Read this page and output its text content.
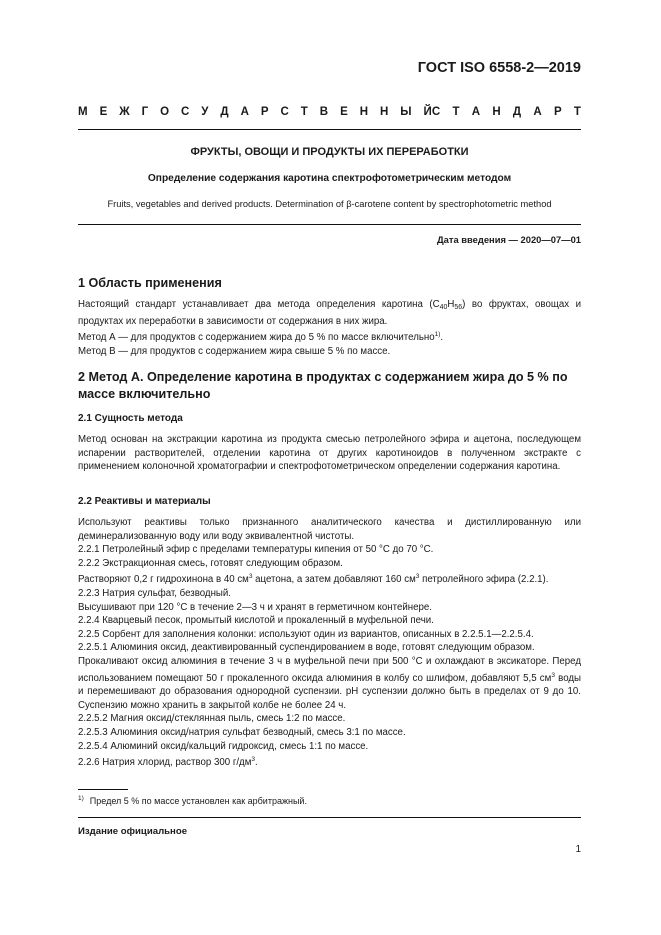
ГОСТ ISO 6558-2—2019
М Е Ж Г О С У Д А Р С Т В Е Н Н Ы Й С Т А Н Д А Р Т
ФРУКТЫ, ОВОЩИ И ПРОДУКТЫ ИХ ПЕРЕРАБОТКИ
Определение содержания каротина спектрофотометрическим методом
Fruits, vegetables and derived products. Determination of β-carotene content by spectrophotometric method
Дата введения — 2020—07—01
1 Область применения

Настоящий стандарт устанавливает два метода определения каротина $(C_{40}H_{56})$ во фруктах, овощах и продуктах их переработки в зависимости от содержания в них жира.

Метод А — для продуктов с содержанием жира до 5 % по массе включительно$^{1)}$.

Метод В — для продуктов с содержанием жира свыше 5 % по массе.

2 Метод А. Определение каротина в продуктах с содержанием жира до 5 % по массе включительно
2.1 Сущность метода

Метод основан на экстракции каротина из продукта смесью петролейного эфира и ацетона, последующем испарении растворителей, отделении каротина от других каротиноидов в полученном экстракте с применением колоночной хроматографии и спектрофотометрическом определении содержания каротина.

2.2 Реактивы и материалы

Используют реактивы только признанного аналитического качества и дистиллированную или деминерализованную воду или воду эквивалентной чистоты.

2.2.1 Петролейный эфир с пределами температуры кипения от 50 °С до 70 °С.

2.2.2 Экстракционная смесь, готовят следующим образом.

Растворяют 0,2 г гидрохинона в 40 $см^3$ ацетона, а затем добавляют 160 $см^3$ петролейного эфира (2.2.1).

2.2.3 Натрия сульфат, безводный.

Высушивают при 120 °С в течение 2—3 ч и хранят в герметичном контейнере.

2.2.4 Кварцевый песок, промытый кислотой и прокаленный в муфельной печи.

2.2.5 Сорбент для заполнения колонки: используют один из вариантов, описанных в 2.2.5.1—2.2.5.4.

2.2.5.1 Алюминия оксид, деактивированный суспендированием в воде, готовят следующим образом.

Прокаливают оксид алюминия в течение 3 ч в муфельной печи при 500 °С и охлаждают в эксикаторе. Перед использованием помещают 50 г прокаленного оксида алюминия в колбу со шлифом, добавляют 5,5 $см^3$ воды и перемешивают до образования однородной суспензии. pH суспензии должно быть в пределах от 9 до 10. Суспензию можно хранить в закрытой колбе не более 24 ч.

2.2.5.2 Магния оксид/стеклянная пыль, смесь 1:2 по массе.

2.2.5.3 Алюминия оксид/натрия сульфат безводный, смесь 3:1 по массе.

2.2.5.4 Алюминий оксид/кальций гидроксид, смесь 1:1 по массе.

2.2.6 Натрия хлорид, раствор 300 $г/дм^3$.

$^{1)}$ Предел 5 % по массе установлен как арбитражный.
Издание официальное
1
